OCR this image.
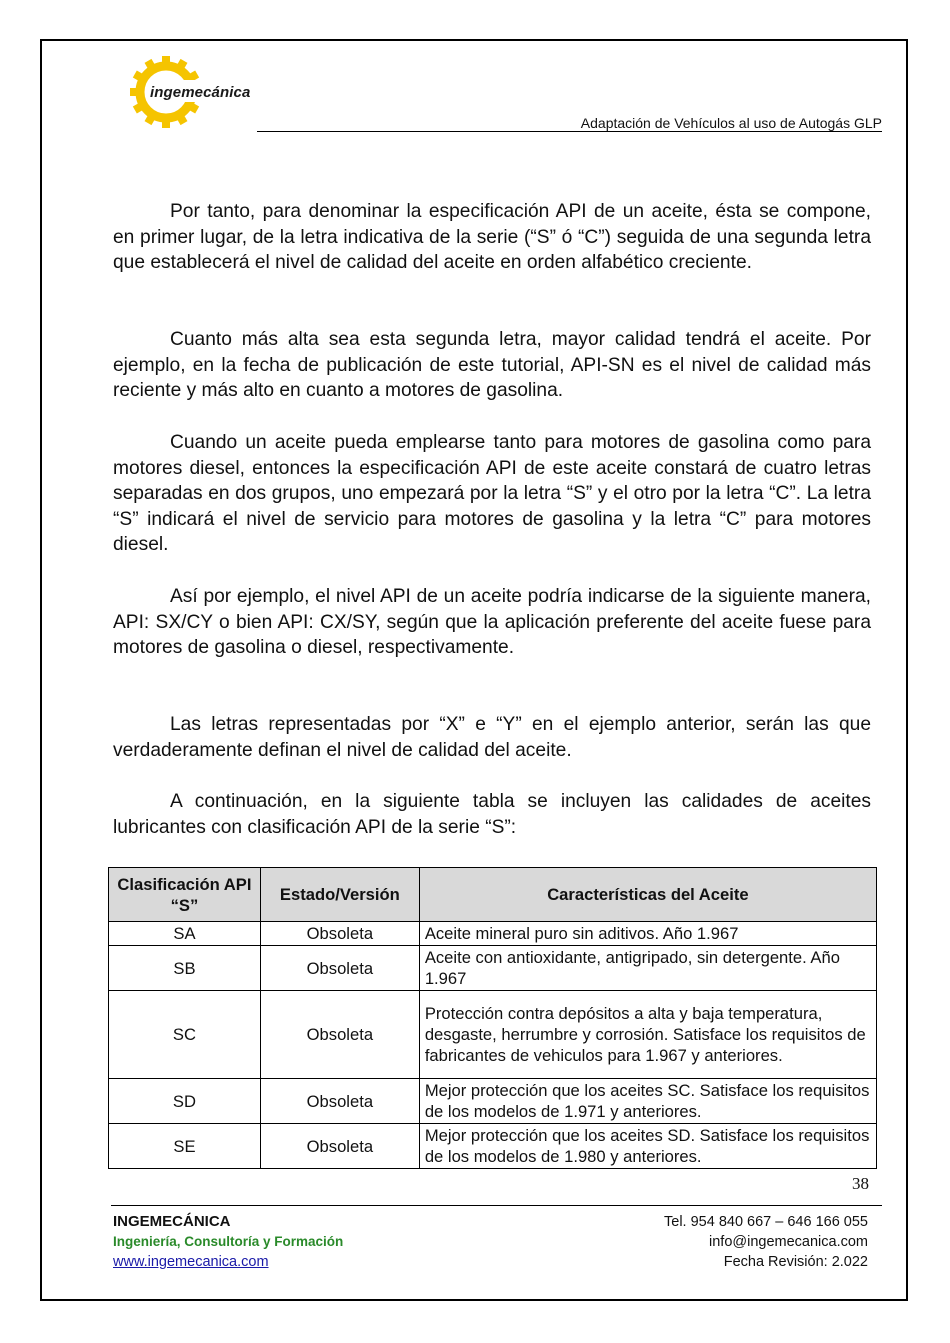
ingemecánica
Adaptación de Vehículos al uso de Autogás GLP
Por tanto, para denominar la especificación API de un aceite, ésta se compone, en primer lugar, de la letra indicativa de la serie (“S” ó “C”) seguida de una segunda letra que establecerá el nivel de calidad del aceite en orden alfabético creciente.
Cuanto más alta sea esta segunda letra, mayor calidad tendrá el aceite. Por ejemplo, en la fecha de publicación de este tutorial, API-SN es el nivel de calidad más reciente y más alto en cuanto a motores de gasolina.
Cuando un aceite pueda emplearse tanto para motores de gasolina como para motores diesel, entonces la especificación API de este aceite constará de cuatro letras separadas en dos grupos, uno empezará por la letra “S” y el otro por la letra “C”. La letra “S” indicará el nivel de servicio para motores de gasolina y la letra “C” para motores diesel.
Así por ejemplo, el nivel API de un aceite podría indicarse de la siguiente manera, API: SX/CY o bien API: CX/SY, según que la aplicación preferente del aceite fuese para motores de gasolina o diesel, respectivamente.
Las letras representadas por “X” e “Y” en el ejemplo anterior, serán las que verdaderamente definan el nivel de calidad del aceite.
A continuación, en la siguiente tabla se incluyen las calidades de aceites lubricantes con clasificación API de la serie “S”:
Clasificación API “S”	Estado/Versión	Características del Aceite
SA	Obsoleta	Aceite mineral puro sin aditivos. Año 1.967
SB	Obsoleta	Aceite con antioxidante, antigripado, sin detergente. Año 1.967
SC	Obsoleta	Protección contra depósitos a alta y baja temperatura, desgaste, herrumbre y corrosión. Satisface los requisitos de fabricantes de vehiculos para 1.967 y anteriores.
SD	Obsoleta	Mejor protección que los aceites SC. Satisface los requisitos de los modelos de 1.971 y anteriores.
SE	Obsoleta	Mejor protección que los aceites SD. Satisface los requisitos de los modelos de 1.980 y anteriores.
38
INGEMECÁNICA
Ingeniería, Consultoría y Formación
www.ingemecanica.com
Tel. 954 840 667 – 646 166 055
info@ingemecanica.com
Fecha Revisión: 2.022
